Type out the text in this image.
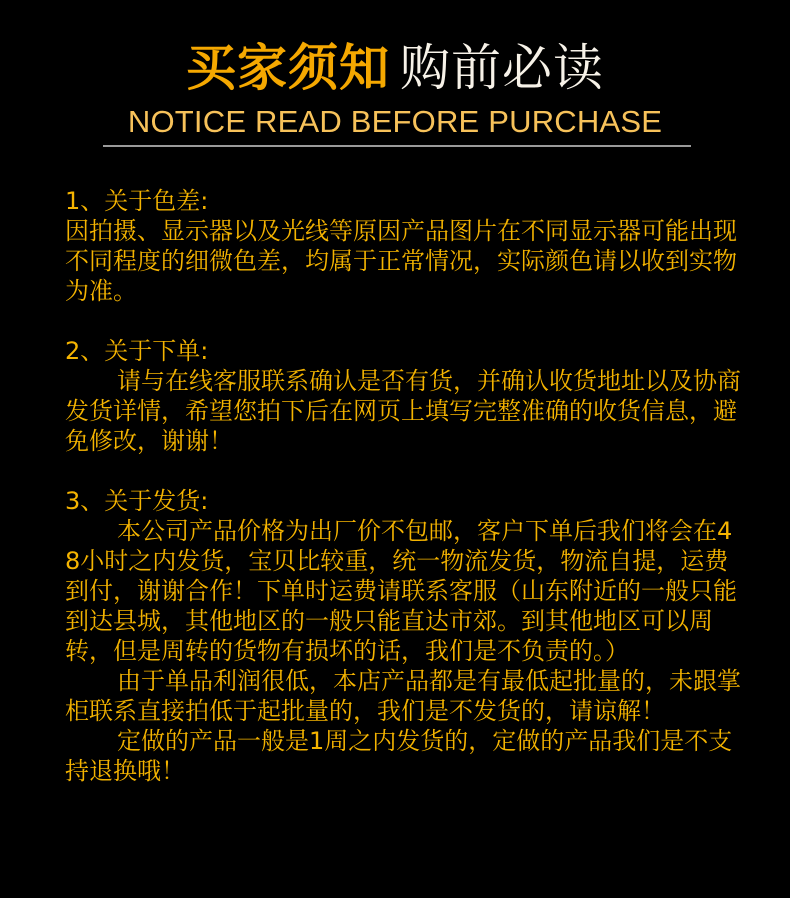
买家须知 购前必读
NOTICE READ BEFORE PURCHASE
1、关于色差:
因拍摄、显示器以及光线等原因产品图片在不同显示器可能出现不同程度的细微色差，均属于正常情况，实际颜色请以收到实物为准。
2、关于下单:
请与在线客服联系确认是否有货，并确认收货地址以及协商发货详情，希望您拍下后在网页上填写完整准确的收货信息，避免修改，谢谢！
3、关于发货:
本公司产品价格为出厂价不包邮，客户下单后我们将会在48小时之内发货，宝贝比较重，统一物流发货，物流自提，运费到付，谢谢合作！下单时运费请联系客服（山东附近的一般只能到达县城，其他地区的一般只能直达市郊。到其他地区可以周转，但是周转的货物有损坏的话，我们是不负责的。）
由于单品利润很低，本店产品都是有最低起批量的，未跟掌柜联系直接拍低于起批量的，我们是不发货的，请谅解！
定做的产品一般是1周之内发货的，定做的产品我们是不支持退换哦！
